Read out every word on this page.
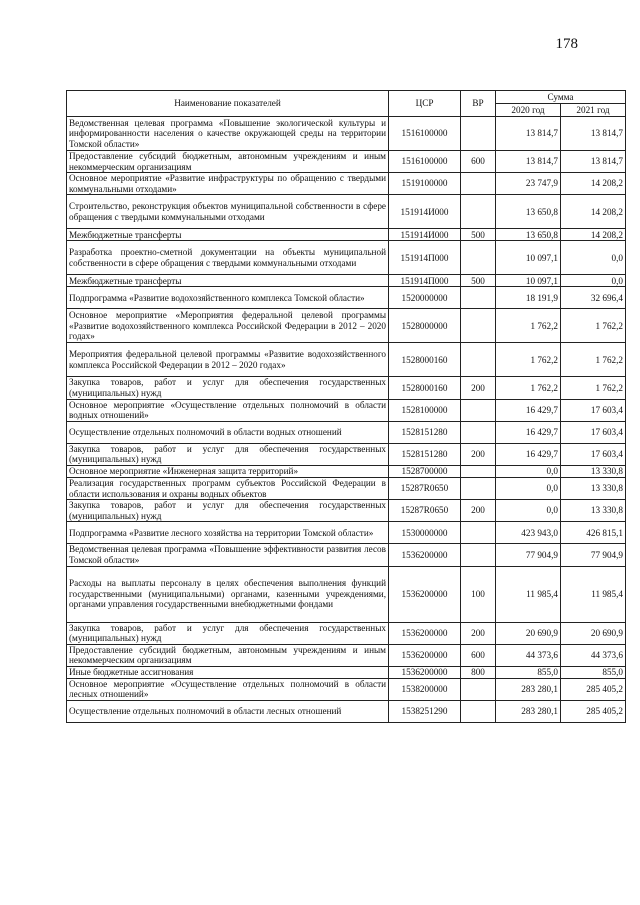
178
Наименование показателей	ЦСР	ВР	Сумма	
			2020 год	2021 год
Ведомственная целевая программа «Повышение экологической культуры и информированности населения о качестве окружающей среды на территории Томской области»	1516100000		13 814,7	13 814,7
Предоставление субсидий бюджетным, автономным учреждениям и иным некоммерческим организациям	1516100000	600	13 814,7	13 814,7
Основное мероприятие «Развитие инфраструктуры по обращению с твердыми коммунальными отходами»	1519100000		23 747,9	14 208,2
Строительство, реконструкция объектов муниципальной собственности в сфере обращения с твердыми коммунальными отходами	151914И000		13 650,8	14 208,2
Межбюджетные трансферты	151914И000	500	13 650,8	14 208,2
Разработка проектно-сметной документации на объекты муниципальной собственности в сфере обращения с твердыми коммунальными отходами	151914П000		10 097,1	0,0
Межбюджетные трансферты	151914П000	500	10 097,1	0,0
Подпрограмма «Развитие водохозяйственного комплекса Томской области»	1520000000		18 191,9	32 696,4
Основное мероприятие «Мероприятия федеральной целевой программы «Развитие водохозяйственного комплекса Российской Федерации в 2012 – 2020 годах»	1528000000		1 762,2	1 762,2
Мероприятия федеральной целевой программы «Развитие водохозяйственного комплекса Российской Федерации в 2012 – 2020 годах»	1528000160		1 762,2	1 762,2
Закупка товаров, работ и услуг для обеспечения государственных (муниципальных) нужд	1528000160	200	1 762,2	1 762,2
Основное мероприятие «Осуществление отдельных полномочий в области водных отношений»	1528100000		16 429,7	17 603,4
Осуществление отдельных полномочий в области водных отношений	1528151280		16 429,7	17 603,4
Закупка товаров, работ и услуг для обеспечения государственных (муниципальных) нужд	1528151280	200	16 429,7	17 603,4
Основное мероприятие «Инженерная защита территорий»	1528700000		0,0	13 330,8
Реализация государственных программ субъектов Российской Федерации в области использования и охраны водных объектов	15287R0650		0,0	13 330,8
Закупка товаров, работ и услуг для обеспечения государственных (муниципальных) нужд	15287R0650	200	0,0	13 330,8
Подпрограмма «Развитие лесного хозяйства на территории Томской области»	1530000000		423 943,0	426 815,1
Ведомственная целевая программа «Повышение эффективности развития лесов Томской области»	1536200000		77 904,9	77 904,9
Расходы на выплаты персоналу в целях обеспечения выполнения функций государственными (муниципальными) органами, казенными учреждениями, органами управления государственными внебюджетными фондами	1536200000	100	11 985,4	11 985,4
Закупка товаров, работ и услуг для обеспечения государственных (муниципальных) нужд	1536200000	200	20 690,9	20 690,9
Предоставление субсидий бюджетным, автономным учреждениям и иным некоммерческим организациям	1536200000	600	44 373,6	44 373,6
Иные бюджетные ассигнования	1536200000	800	855,0	855,0
Основное мероприятие «Осуществление отдельных полномочий в области лесных отношений»	1538200000		283 280,1	285 405,2
Осуществление отдельных полномочий в области лесных отношений	1538251290		283 280,1	285 405,2
